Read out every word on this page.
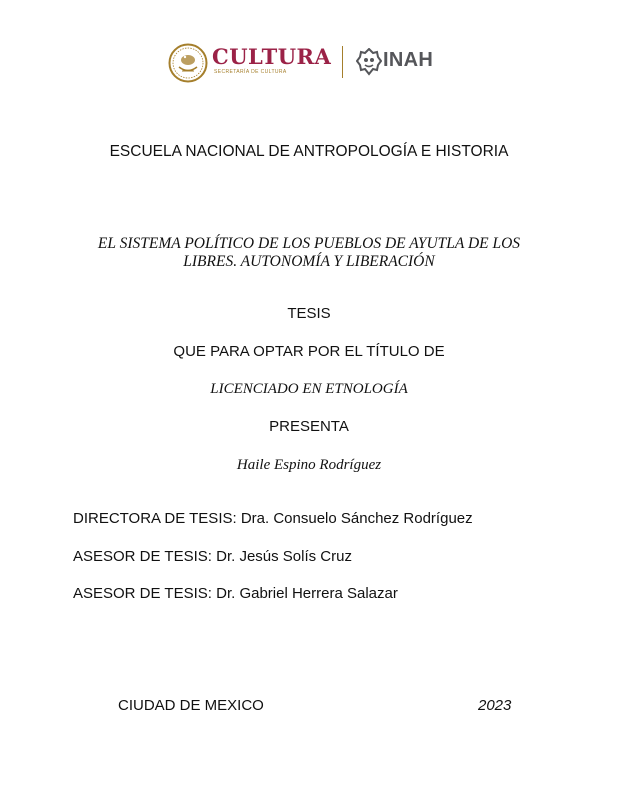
CULTURA
SECRETARÍA DE CULTURA
INAH
ESCUELA NACIONAL DE ANTROPOLOGÍA E HISTORIA
EL SISTEMA POLÍTICO DE LOS PUEBLOS DE AYUTLA DE LOS
LIBRES. AUTONOMÍA Y LIBERACIÓN
TESIS
QUE PARA OPTAR POR EL TÍTULO DE
LICENCIADO EN ETNOLOGÍA
PRESENTA
Haile Espino Rodríguez
DIRECTORA DE TESIS: Dra. Consuelo Sánchez Rodríguez
ASESOR DE TESIS: Dr. Jesús Solís Cruz
ASESOR DE TESIS: Dr. Gabriel Herrera Salazar
CIUDAD DE MEXICO	2023
